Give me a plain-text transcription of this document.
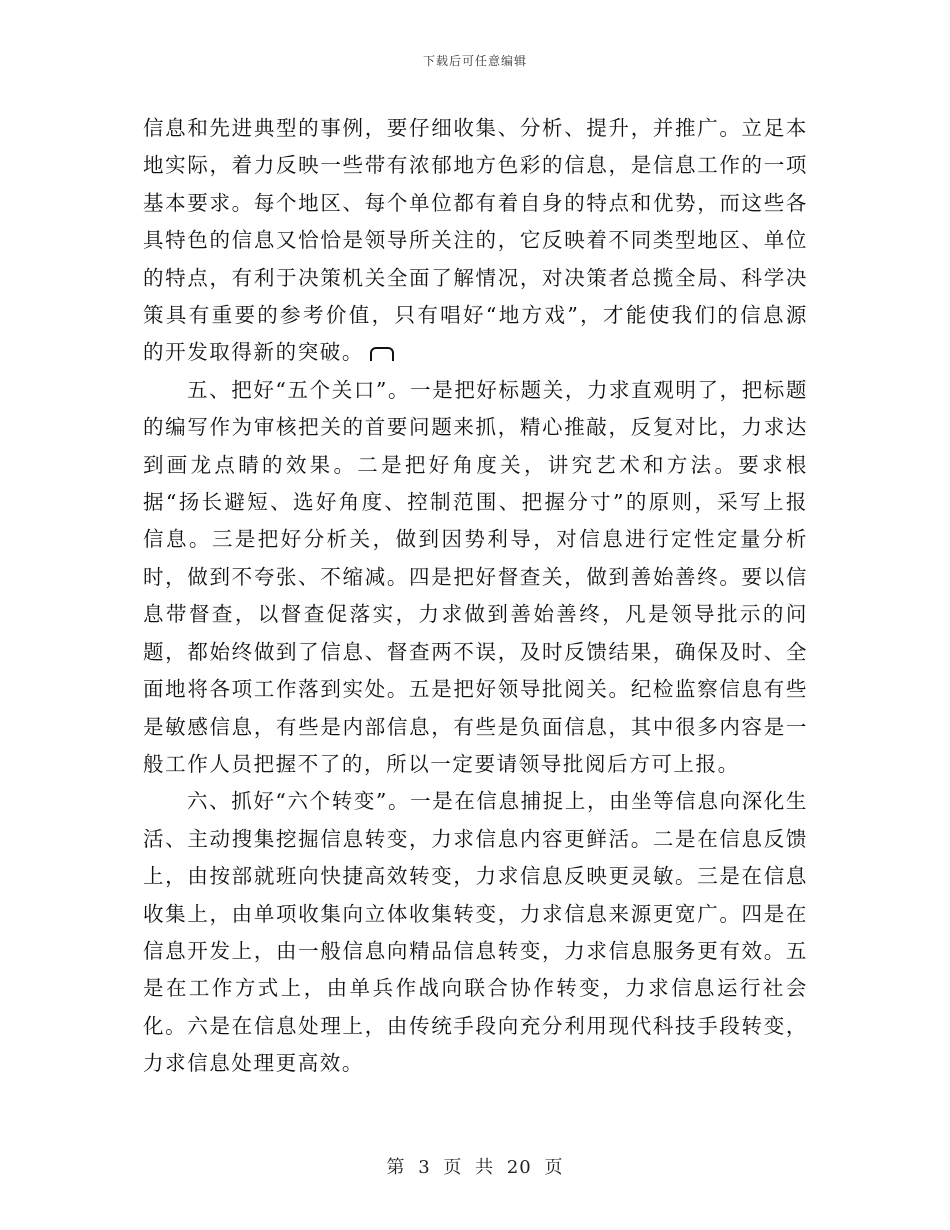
下载后可任意编辑

信息和先进典型的事例，要仔细收集、分析、提升，并推广。立足本地实际，着力反映一些带有浓郁地方色彩的信息，是信息工作的一项基本要求。每个地区、每个单位都有着自身的特点和优势，而这些各具特色的信息又恰恰是领导所关注的，它反映着不同类型地区、单位的特点，有利于决策机关全面了解情况，对决策者总揽全局、科学决策具有重要的参考价值，只有唱好“地方戏”，才能使我们的信息源的开发取得新的突破。

五、把好“五个关口”。一是把好标题关，力求直观明了，把标题的编写作为审核把关的首要问题来抓，精心推敲，反复对比，力求达到画龙点睛的效果。二是把好角度关，讲究艺术和方法。要求根据“扬长避短、选好角度、控制范围、把握分寸”的原则，采写上报信息。三是把好分析关，做到因势利导，对信息进行定性定量分析时，做到不夸张、不缩减。四是把好督查关，做到善始善终。要以信息带督查，以督查促落实，力求做到善始善终，凡是领导批示的问题，都始终做到了信息、督查两不误，及时反馈结果，确保及时、全面地将各项工作落到实处。五是把好领导批阅关。纪检监察信息有些是敏感信息，有些是内部信息，有些是负面信息，其中很多内容是一般工作人员把握不了的，所以一定要请领导批阅后方可上报。

六、抓好“六个转变”。一是在信息捕捉上，由坐等信息向深化生活、主动搜集挖掘信息转变，力求信息内容更鲜活。二是在信息反馈上，由按部就班向快捷高效转变，力求信息反映更灵敏。三是在信息收集上，由单项收集向立体收集转变，力求信息来源更宽广。四是在信息开发上，由一般信息向精品信息转变，力求信息服务更有效。五是在工作方式上，由单兵作战向联合协作转变，力求信息运行社会化。六是在信息处理上，由传统手段向充分利用现代科技手段转变，力求信息处理更高效。

第 3 页 共 20 页
